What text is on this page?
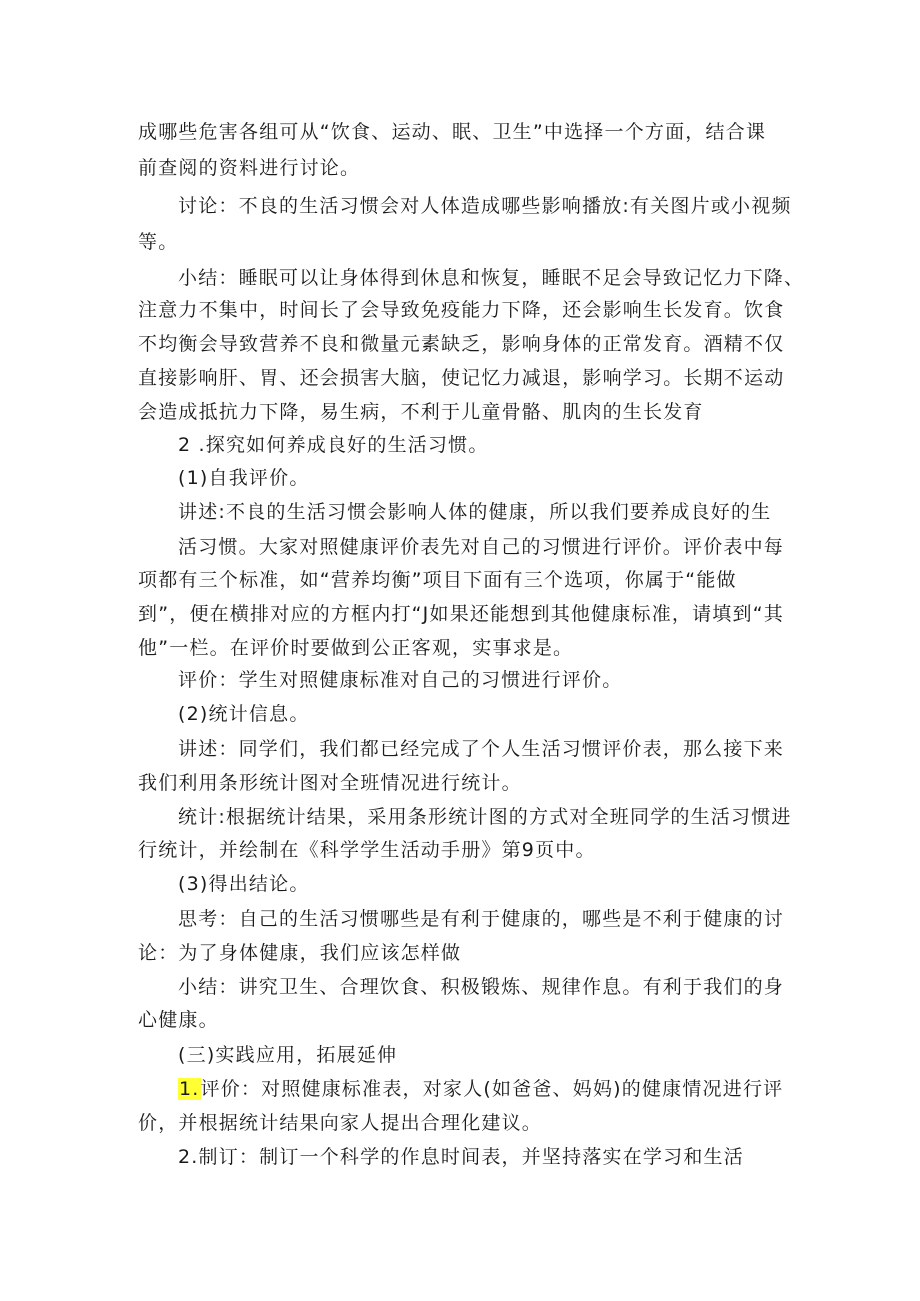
成哪些危害各组可从“饮食、运动、眠、卫生”中选择一个方面，结合课
前查阅的资料进行讨论。
讨论：不良的生活习惯会对人体造成哪些影响播放:有关图片或小视频
等。
小结：睡眠可以让身体得到休息和恢复，睡眠不足会导致记忆力下降、
注意力不集中，时间长了会导致免疫能力下降，还会影响生长发育。饮食
不均衡会导致营养不良和微量元素缺乏，影响身体的正常发育。酒精不仅
直接影响肝、胃、还会损害大脑，使记忆力减退，影响学习。长期不运动
会造成抵抗力下降，易生病，不利于儿童骨骼、肌肉的生长发育
2 .探究如何养成良好的生活习惯。
(1)自我评价。
讲述:不良的生活习惯会影响人体的健康，所以我们要养成良好的生
活习惯。大家对照健康评价表先对自己的习惯进行评价。评价表中每
项都有三个标准，如“营养均衡”项目下面有三个选项，你属于“能做
到”，便在横排对应的方框内打“J如果还能想到其他健康标准，请填到“其
他”一栏。在评价时要做到公正客观，实事求是。
评价：学生对照健康标准对自己的习惯进行评价。
(2)统计信息。
讲述：同学们，我们都已经完成了个人生活习惯评价表，那么接下来
我们利用条形统计图对全班情况进行统计。
统计:根据统计结果，采用条形统计图的方式对全班同学的生活习惯进
行统计，并绘制在《科学学生活动手册》第9页中。
(3)得出结论。
思考：自己的生活习惯哪些是有利于健康的，哪些是不利于健康的讨
论：为了身体健康，我们应该怎样做
小结：讲究卫生、合理饮食、积极锻炼、规律作息。有利于我们的身
心健康。
(三)实践应用，拓展延伸
1.评价：对照健康标准表，对家人(如爸爸、妈妈)的健康情况进行评
价，并根据统计结果向家人提出合理化建议。
2.制订：制订一个科学的作息时间表，并坚持落实在学习和生活
